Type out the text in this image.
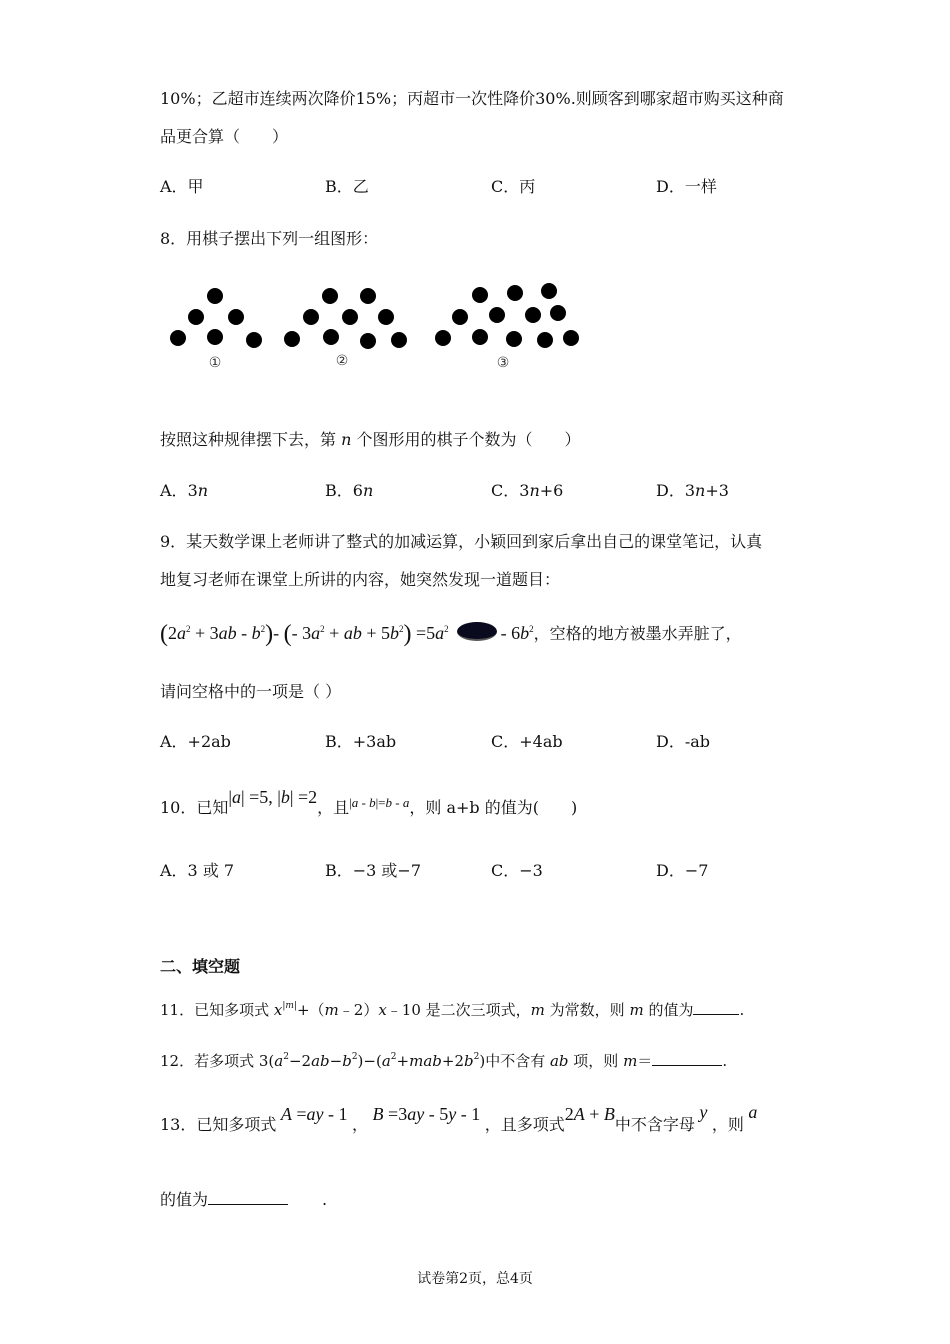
10%；乙超市连续两次降价15%；丙超市一次性降价30%.则顾客到哪家超市购买这种商
品更合算（　　）
A．甲	B．乙	C．丙	D．一样
8．用棋子摆出下列一组图形：
①	②	③
按照这种规律摆下去，第 n 个图形用的棋子个数为（　　）
A．3n	B．6n	C．3n+6	D．3n+3
9．某天数学课上老师讲了整式的加减运算，小颖回到家后拿出自己的课堂笔记，认真
地复习老师在课堂上所讲的内容，她突然发现一道题目：
$(2a^2 + 3ab - b^2)-$ (- $3a^2$ + ab + $5b^2) =5a^2$	- $6b^2$，空格的地方被墨水弄脏了，
请问空格中的一项是（ ）
A．+2ab	B．+3ab	C．+4ab	D．-ab
10．已知|a| =5, |b| =2，且$^{|a - b|=b - a}$，则 a+b 的值为(　　)
A．3 或 7	B．−3 或−7	C．−3	D．−7
二、填空题
11．已知多项式 $x^{|m|}+(m﹣2)x﹣10$ 是二次三项式，m 为常数，则 m 的值为	.
12．若多项式 $3(a^2-2ab-b^2)-(a^2+mab+2b^2)$中不含有 ab 项，则 m＝	.
13．已知多项式 A =ay - 1 ， B =3ay - 5y - 1 ，且多项式2A + B中不含字母 y ，则 a
的值为	.
试卷第2页，总4页
